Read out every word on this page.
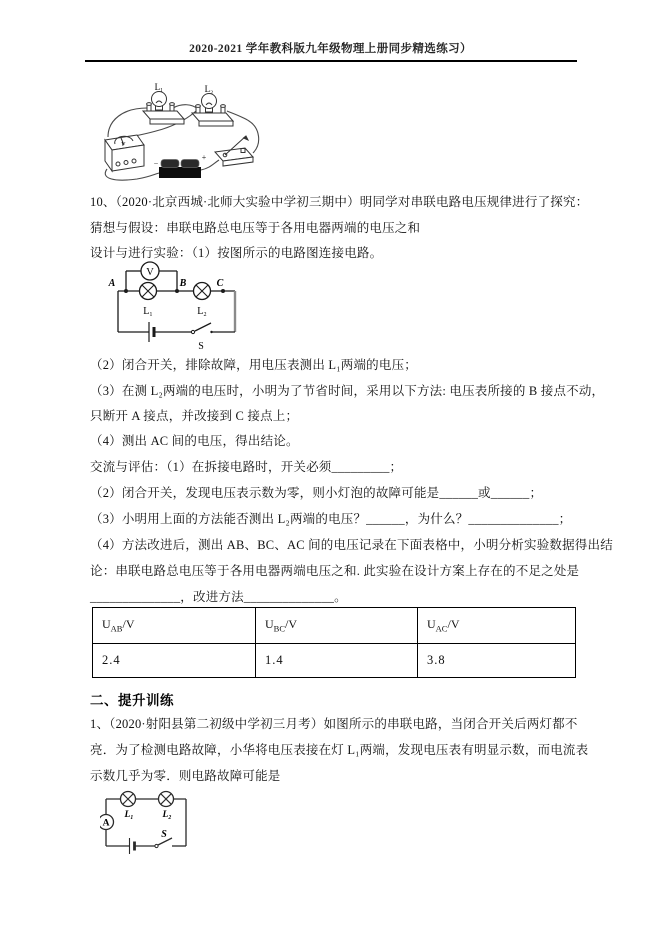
2020-2021 学年教科版九年级物理上册同步精选练习）
L₁	L₂
V
−
+
10、（2020·北京西城·北师大实验中学初三期中）明同学对串联电路电压规律进行了探究：
猜想与假设：串联电路总电压等于各用电器两端的电压之和
设计与进行实验：（1）按图所示的电路图连接电路。
S
V
A	B	C
L₁	L₂
（2）闭合开关，排除故障，用电压表测出 L₁两端的电压；
（3）在测 L₂两端的电压时，小明为了节省时间，采用以下方法: 电压表所接的 B 接点不动，
只断开 A 接点，并改接到 C 接点上；
（4）测出 AC 间的电压，得出结论。
交流与评估：（1）在拆接电路时，开关必须_________；
（2）闭合开关，发现电压表示数为零，则小灯泡的故障可能是______或______；
（3）小明用上面的方法能否测出 L₂两端的电压？______，为什么？______________；
（4）方法改进后，测出 AB、BC、AC 间的电压记录在下面表格中，小明分析实验数据得出结
论：串联电路总电压等于各用电器两端电压之和. 此实验在设计方案上存在的不足之处是
______________，改进方法______________。
$U_{AB}/V$	$U_{BC}/V$	$U_{AC}/V$
2.4	1.4	3.8
二、提升训练
1、（2020·射阳县第二初级中学初三月考）如图所示的串联电路，当闭合开关后两灯都不
亮．为了检测电路故障，小华将电压表接在灯 L₁两端，发现电压表有明显示数，而电流表
示数几乎为零．则电路故障可能是
L₁	L₂
A
S
